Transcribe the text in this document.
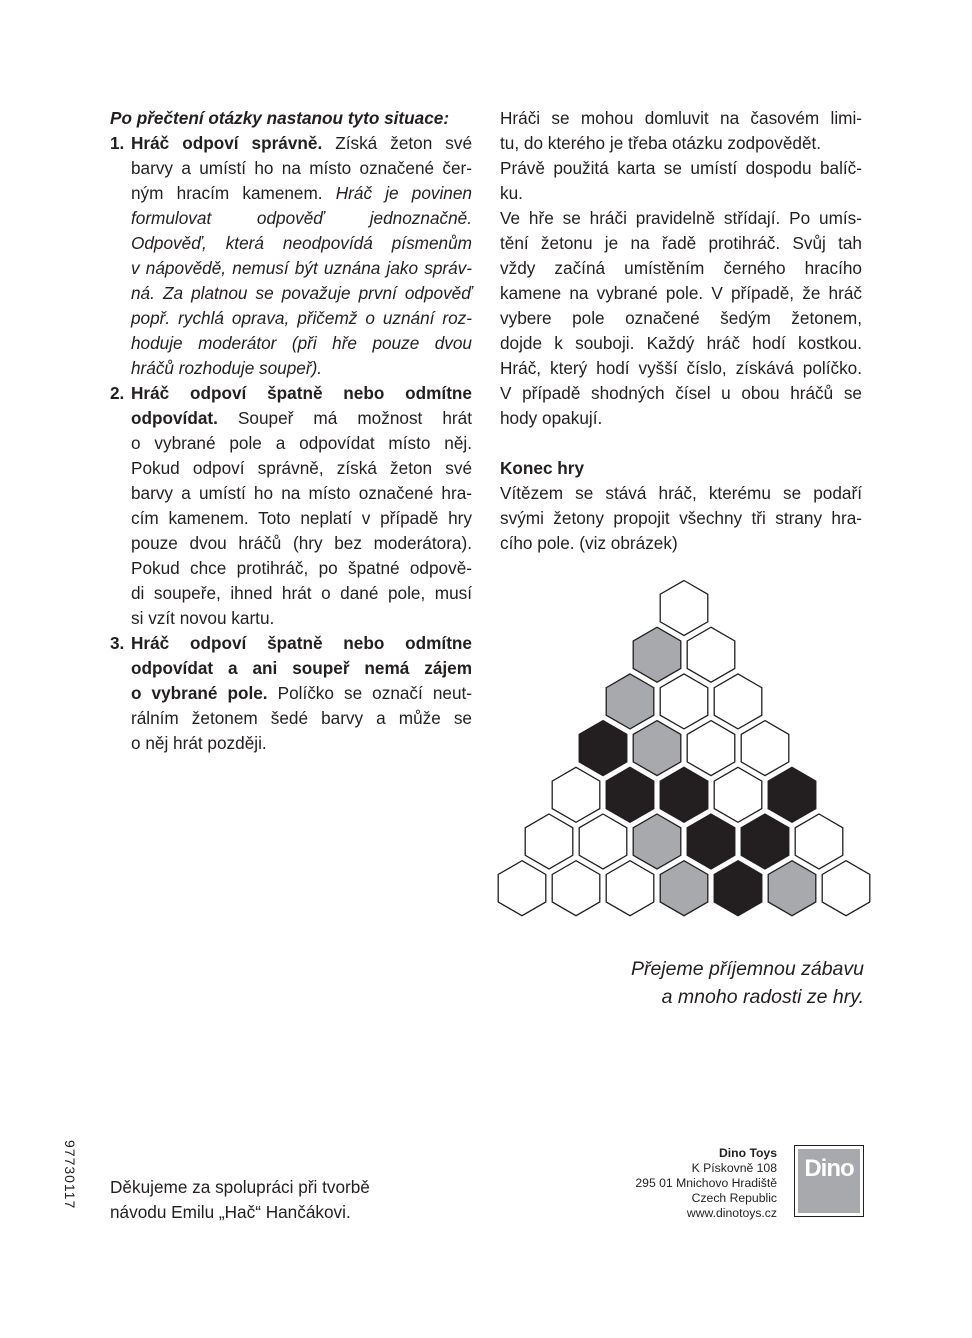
Po přečtení otázky nastanou tyto situace:
1. Hráč odpoví správně. Získá žeton své
barvy a umístí ho na místo označené čer-
ným hracím kamenem. Hráč je povinen
formulovat odpověď jednoznačně.
Odpověď, která neodpovídá písmenům
v nápovědě, nemusí být uznána jako správ-
ná. Za platnou se považuje první odpověď
popř. rychlá oprava, přičemž o uznání roz-
hoduje moderátor (při hře pouze dvou
hráčů rozhoduje soupeř).
2. Hráč odpoví špatně nebo odmítne
odpovídat. Soupeř má možnost hrát
o vybrané pole a odpovídat místo něj.
Pokud odpoví správně, získá žeton své
barvy a umístí ho na místo označené hra-
cím kamenem. Toto neplatí v případě hry
pouze dvou hráčů (hry bez moderátora).
Pokud chce protihráč, po špatné odpově-
di soupeře, ihned hrát o dané pole, musí
si vzít novou kartu.
3. Hráč odpoví špatně nebo odmítne
odpovídat a ani soupeř nemá zájem
o vybrané pole. Políčko se označí neut-
rálním žetonem šedé barvy a může se
o něj hrát později.
Hráči se mohou domluvit na časovém limi-
tu, do kterého je třeba otázku zodpovědět.
Právě použitá karta se umístí dospodu balíč-
ku.
Ve hře se hráči pravidelně střídají. Po umís-
tění žetonu je na řadě protihráč. Svůj tah
vždy začíná umístěním černého hracího
kamene na vybrané pole. V případě, že hráč
vybere pole označené šedým žetonem,
dojde k souboji. Každý hráč hodí kostkou.
Hráč, který hodí vyšší číslo, získává políčko.
V případě shodných čísel u obou hráčů se
hody opakují.
Konec hry
Vítězem se stává hráč, kterému se podaří
svými žetony propojit všechny tři strany hra-
cího pole. (viz obrázek)
Přejeme příjemnou zábavu
a mnoho radosti ze hry.
97730117 Děkujeme za spolupráci při tvorbě
návodu Emilu „Hač“ Hančákovi.
Dino Toys
K Pískovně 108
295 01 Mnichovo Hradiště
Czech Republic
www.dinotoys.cz
Dino
